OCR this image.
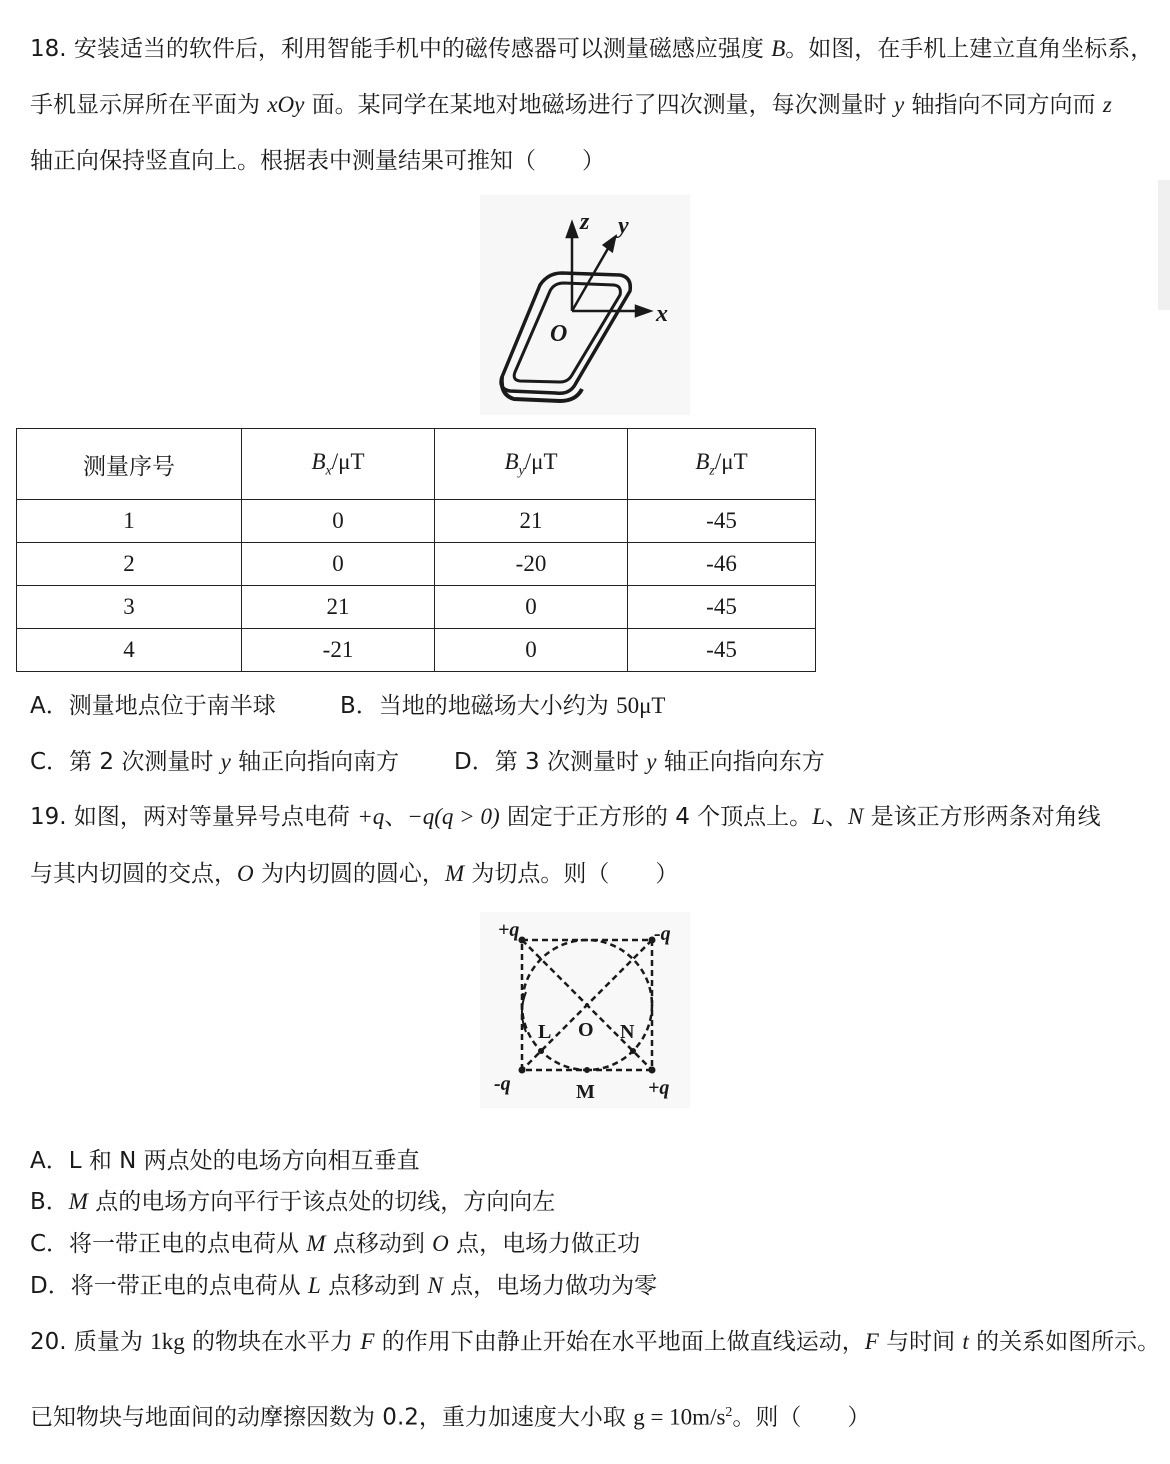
18. 安装适当的软件后，利用智能手机中的磁传感器可以测量磁感应强度 B。如图，在手机上建立直角坐标系，
手机显示屏所在平面为 xOy 面。某同学在某地对地磁场进行了四次测量，每次测量时 y 轴指向不同方向而 z
轴正向保持竖直向上。根据表中测量结果可推知（　　）
z y
x
O
测量序号	$B_x/\mu T$	$B_y/\mu T$	$B_z/\mu T$
1	0	21	-45
2	0	-20	-46
3	21	0	-45
4	-21	0	-45
A．测量地点位于南半球	B．当地的地磁场大小约为 50μT
C．第 2 次测量时 y 轴正向指向南方 D．第 3 次测量时 y 轴正向指向东方
19. 如图，两对等量异号点电荷 +q、−q(q > 0) 固定于正方形的 4 个顶点上。L、N 是该正方形两条对角线
与其内切圆的交点，O 为内切圆的圆心，M 为切点。则（　　）
+q	-q
-q	+q
L O N
M
A．L 和 N 两点处的电场方向相互垂直
B．M 点的电场方向平行于该点处的切线，方向向左
C．将一带正电的点电荷从 M 点移动到 O 点，电场力做正功
D．将一带正电的点电荷从 L 点移动到 N 点，电场力做功为零
20. 质量为 1kg 的物块在水平力 F 的作用下由静止开始在水平地面上做直线运动，F 与时间 t 的关系如图所示。
已知物块与地面间的动摩擦因数为 0.2，重力加速度大小取 $g = 10m/s^2$。则（　　）
